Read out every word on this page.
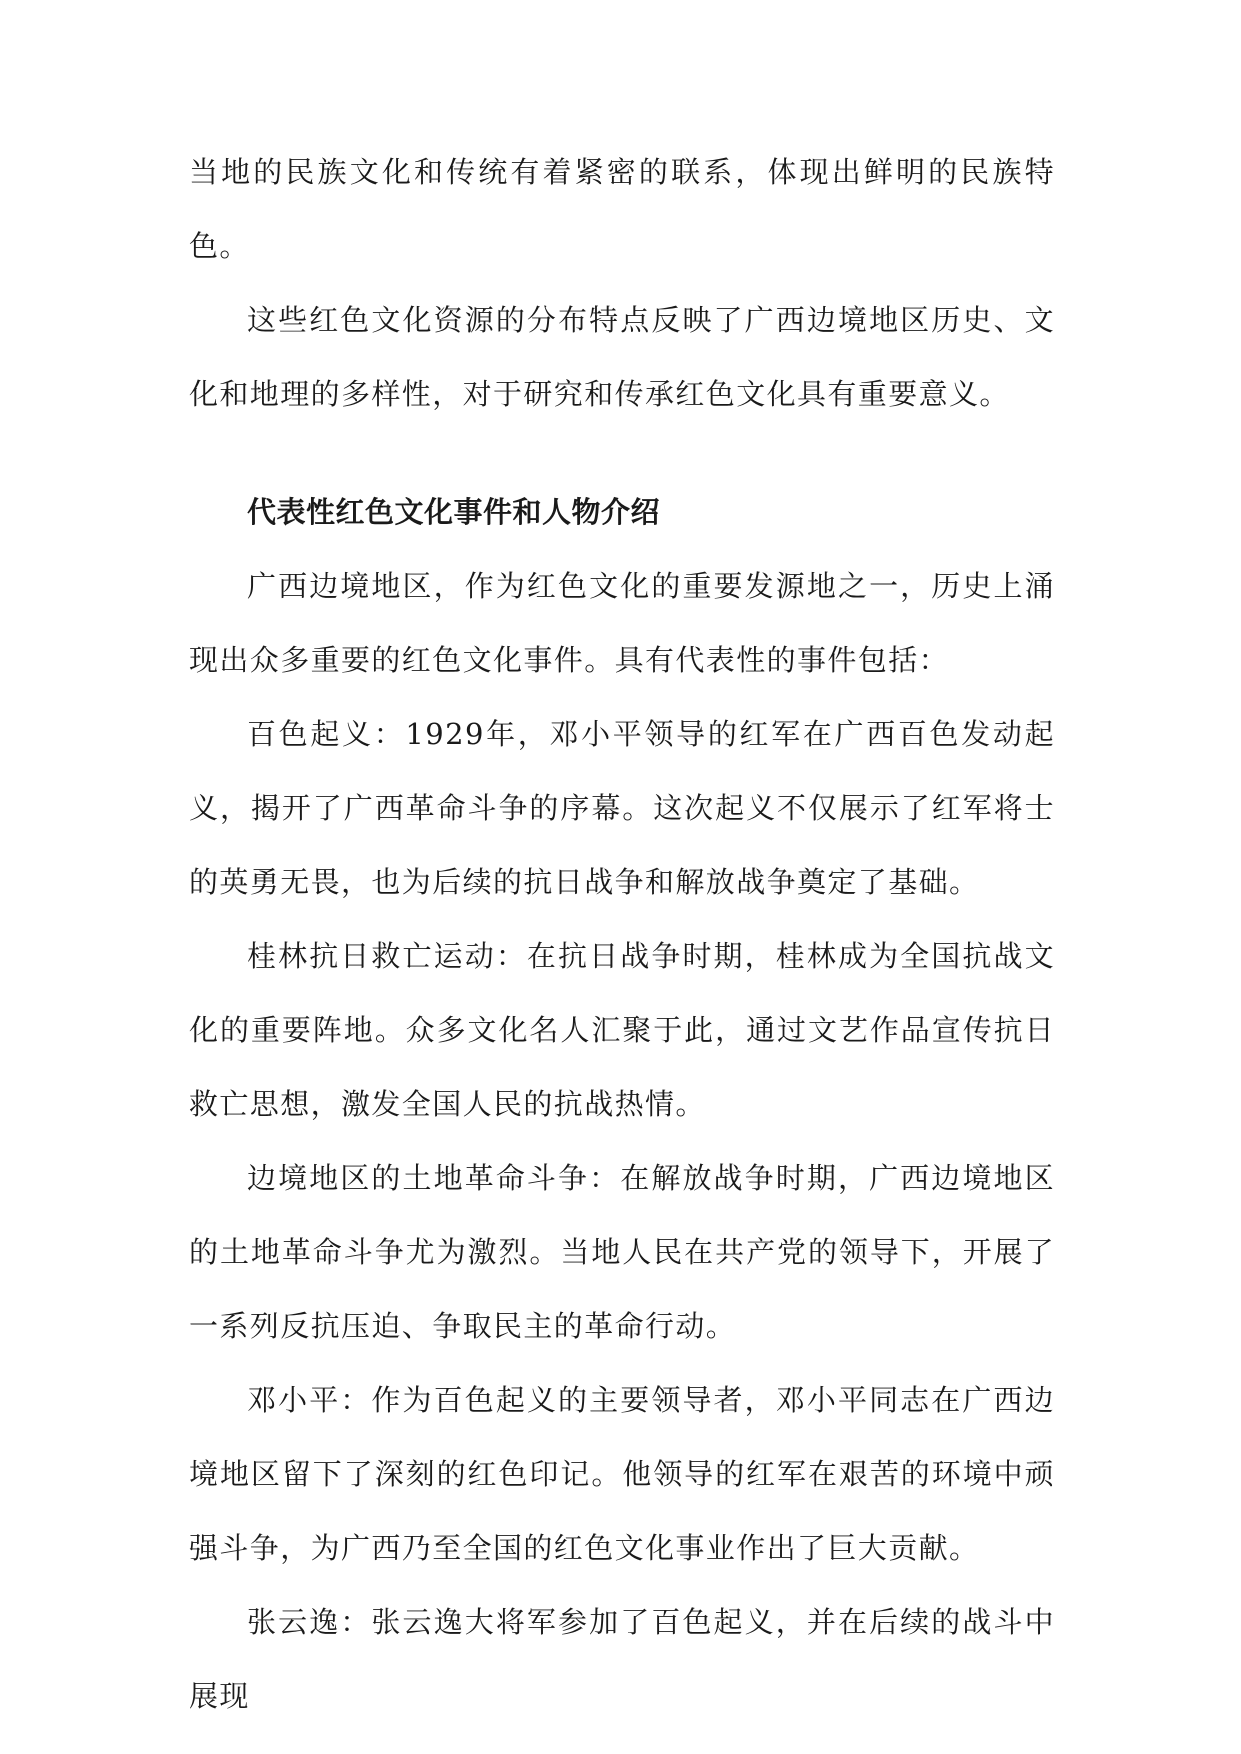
当地的民族文化和传统有着紧密的联系，体现出鲜明的民族特色。

这些红色文化资源的分布特点反映了广西边境地区历史、文化和地理的多样性，对于研究和传承红色文化具有重要意义。

代表性红色文化事件和人物介绍

广西边境地区，作为红色文化的重要发源地之一，历史上涌现出众多重要的红色文化事件。具有代表性的事件包括：

百色起义：1929年，邓小平领导的红军在广西百色发动起义，揭开了广西革命斗争的序幕。这次起义不仅展示了红军将士的英勇无畏，也为后续的抗日战争和解放战争奠定了基础。

桂林抗日救亡运动：在抗日战争时期，桂林成为全国抗战文化的重要阵地。众多文化名人汇聚于此，通过文艺作品宣传抗日救亡思想，激发全国人民的抗战热情。

边境地区的土地革命斗争：在解放战争时期，广西边境地区的土地革命斗争尤为激烈。当地人民在共产党的领导下，开展了一系列反抗压迫、争取民主的革命行动。

邓小平：作为百色起义的主要领导者，邓小平同志在广西边境地区留下了深刻的红色印记。他领导的红军在艰苦的环境中顽强斗争，为广西乃至全国的红色文化事业作出了巨大贡献。

张云逸：张云逸大将军参加了百色起义，并在后续的战斗中展现
